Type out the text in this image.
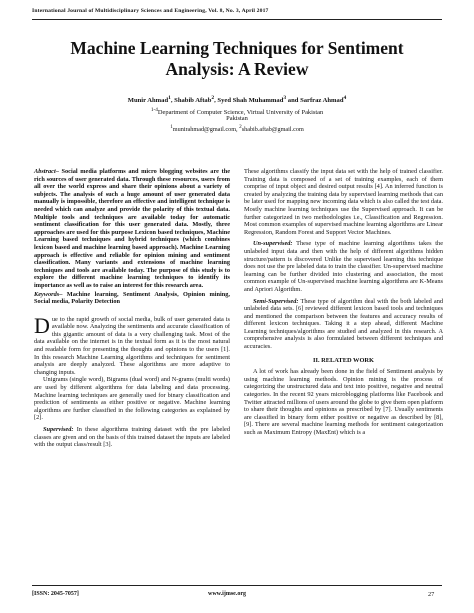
International Journal of Multidisciplinary Sciences and Engineering, Vol. 8, No. 3, April 2017
Machine Learning Techniques for Sentiment
Analysis: A Review
Munir Ahmad$^1$, Shabib Aftab$^2$, Syed Shah Muhammad$^3$ and Sarfraz Ahmad$^4$
$^{1-4}$Department of Computer Science, Virtual University of Pakistan
Pakistan
$^1$munirahmad@gmail.com, $^2$shabib.aftab@gmail.com

Abstract– Social media platforms and micro blogging websites are the rich sources of user generated data. Through these resources, users from all over the world express and share their opinions about a variety of subjects. The analysis of such a huge amount of user generated data manually is impossible, therefore an effective and intelligent technique is needed which can analyze and provide the polarity of this textual data. Multiple tools and techniques are available today for automatic sentiment classification for this user generated data. Mostly, three approaches are used for this purpose Lexicon based techniques, Machine Learning based techniques and hybrid techniques (which combines lexicon based and machine learning based approach). Machine Learning approach is effective and reliable for opinion mining and sentiment classification. Many variants and extensions of machine learning techniques and tools are available today. The purpose of this study is to explore the different machine learning techniques to identify its importance as well as to raise an interest for this research area.

Keywords– Machine learning, Sentiment Analysis, Opinion mining, Social media, Polarity Detection

Due to the rapid growth of social media, bulk of user generated data is available now. Analyzing the sentiments and accurate classification of this gigantic amount of data is a very challenging task. Most of the data available on the internet is in the textual form as it is the most natural and readable form for presenting the thoughts and opinions to the users [1]. In this research Machine Learning algorithms and techniques for sentiment analysis are deeply analyzed. These algorithms are more adaptive to changing inputs.

Unigrams (single word), Bigrams (dual word) and N-grams (multi words) are used by different algorithms for data labeling and data processing. Machine learning techniques are generally used for binary classification and prediction of sentiments as either positive or negative. Machine learning algorithms are further classified in the following categories as explained by [2].

Supervised: In these algorithms training dataset with the pre labeled classes are given and on the basis of this trained dataset the inputs are labeled with the output class/result [3].

These algorithms classify the input data set with the help of trained classifier. Training data is composed of a set of training examples, each of them comprise of input object and desired output results [4]. An inferred function is created by analyzing the training data by supervised learning methods that can be later used for mapping new incoming data which is also called the test data. Mostly machine learning techniques use the Supervised approach. It can be further categorized in two methodologies i.e., Classification and Regression. Most common examples of supervised machine learning algorithms are Linear Regression, Random Forest and Support Vector Machines.

Un-supervised: These type of machine learning algorithms takes the unlabeled input data and then with the help of different algorithms hidden structure/pattern is discovered Unlike the supervised learning this technique does not use the pre labeled data to train the classifier. Un-supervised machine learning can be further divided into clustering and association, the most common example of Un-supervised machine learning algorithms are K-Means and Apriori Algorithm.

Semi-Supervised: These type of algorithm deal with the both labeled and unlabeled data sets. [6] reviewed different lexicon based tools and techniques and mentioned the comparison between the features and accuracy results of different lexicon techniques. Taking it a step ahead, different Machine Learning techniques/algorithms are studied and analyzed in this research. A comprehensive analysis is also formulated between different techniques and accuracies.

II. RELATED WORK

A lot of work has already been done in the field of Sentiment analysis by using machine learning methods. Opinion mining is the process of categorizing the unstructured data and text into positive, negative and neutral categories. In the recent 92 years microblogging platforms like Facebook and Twitter attracted millions of users around the globe to give them open platform to share their thoughts and opinions as prescribed by [7]. Usually sentiments are classified in binary form either positive or negative as described by [8], [9]. There are several machine learning methods for sentiment categorization such as Maximum Entropy (MaxEnt) which is a

[ISSN: 2045-7057]	www.ijmse.org	27
